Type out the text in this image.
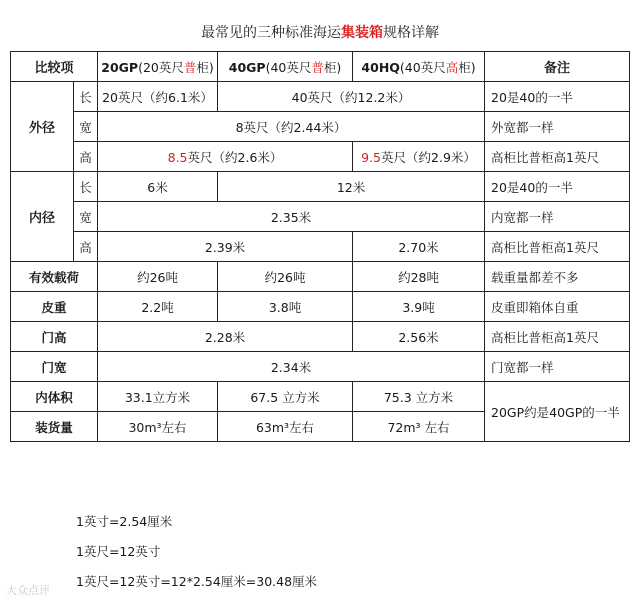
最常见的三种标准海运集装箱规格详解
比较项		20GP(20英尺普柜)	40GP(40英尺普柜)	40HQ(40英尺高柜)	备注
外径	长	20英尺（约6.1米）	40英尺（约12.2米）		20是40的一半
	宽	8英尺（约2.44米）			外宽都一样
	高	8.5英尺（约2.6米）		9.5英尺（约2.9米）	高柜比普柜高1英尺
内径	长	6米	12米		20是40的一半
	宽	2.35米			内宽都一样
	高	2.39米		2.70米	高柜比普柜高1英尺
有效载荷		约26吨	约26吨	约28吨	载重量都差不多
皮重		2.2吨	3.8吨	3.9吨	皮重即箱体自重
门高		2.28米		2.56米	高柜比普柜高1英尺
门宽		2.34米			门宽都一样
内体积		33.1立方米	67.5 立方米	75.3 立方米	20GP约是40GP的一半
装货量		30m³左右	63m³左右	72m³ 左右	
1英寸=2.54厘米
1英尺=12英寸
1英尺=12英寸=12*2.54厘米=30.48厘米
大众点评
